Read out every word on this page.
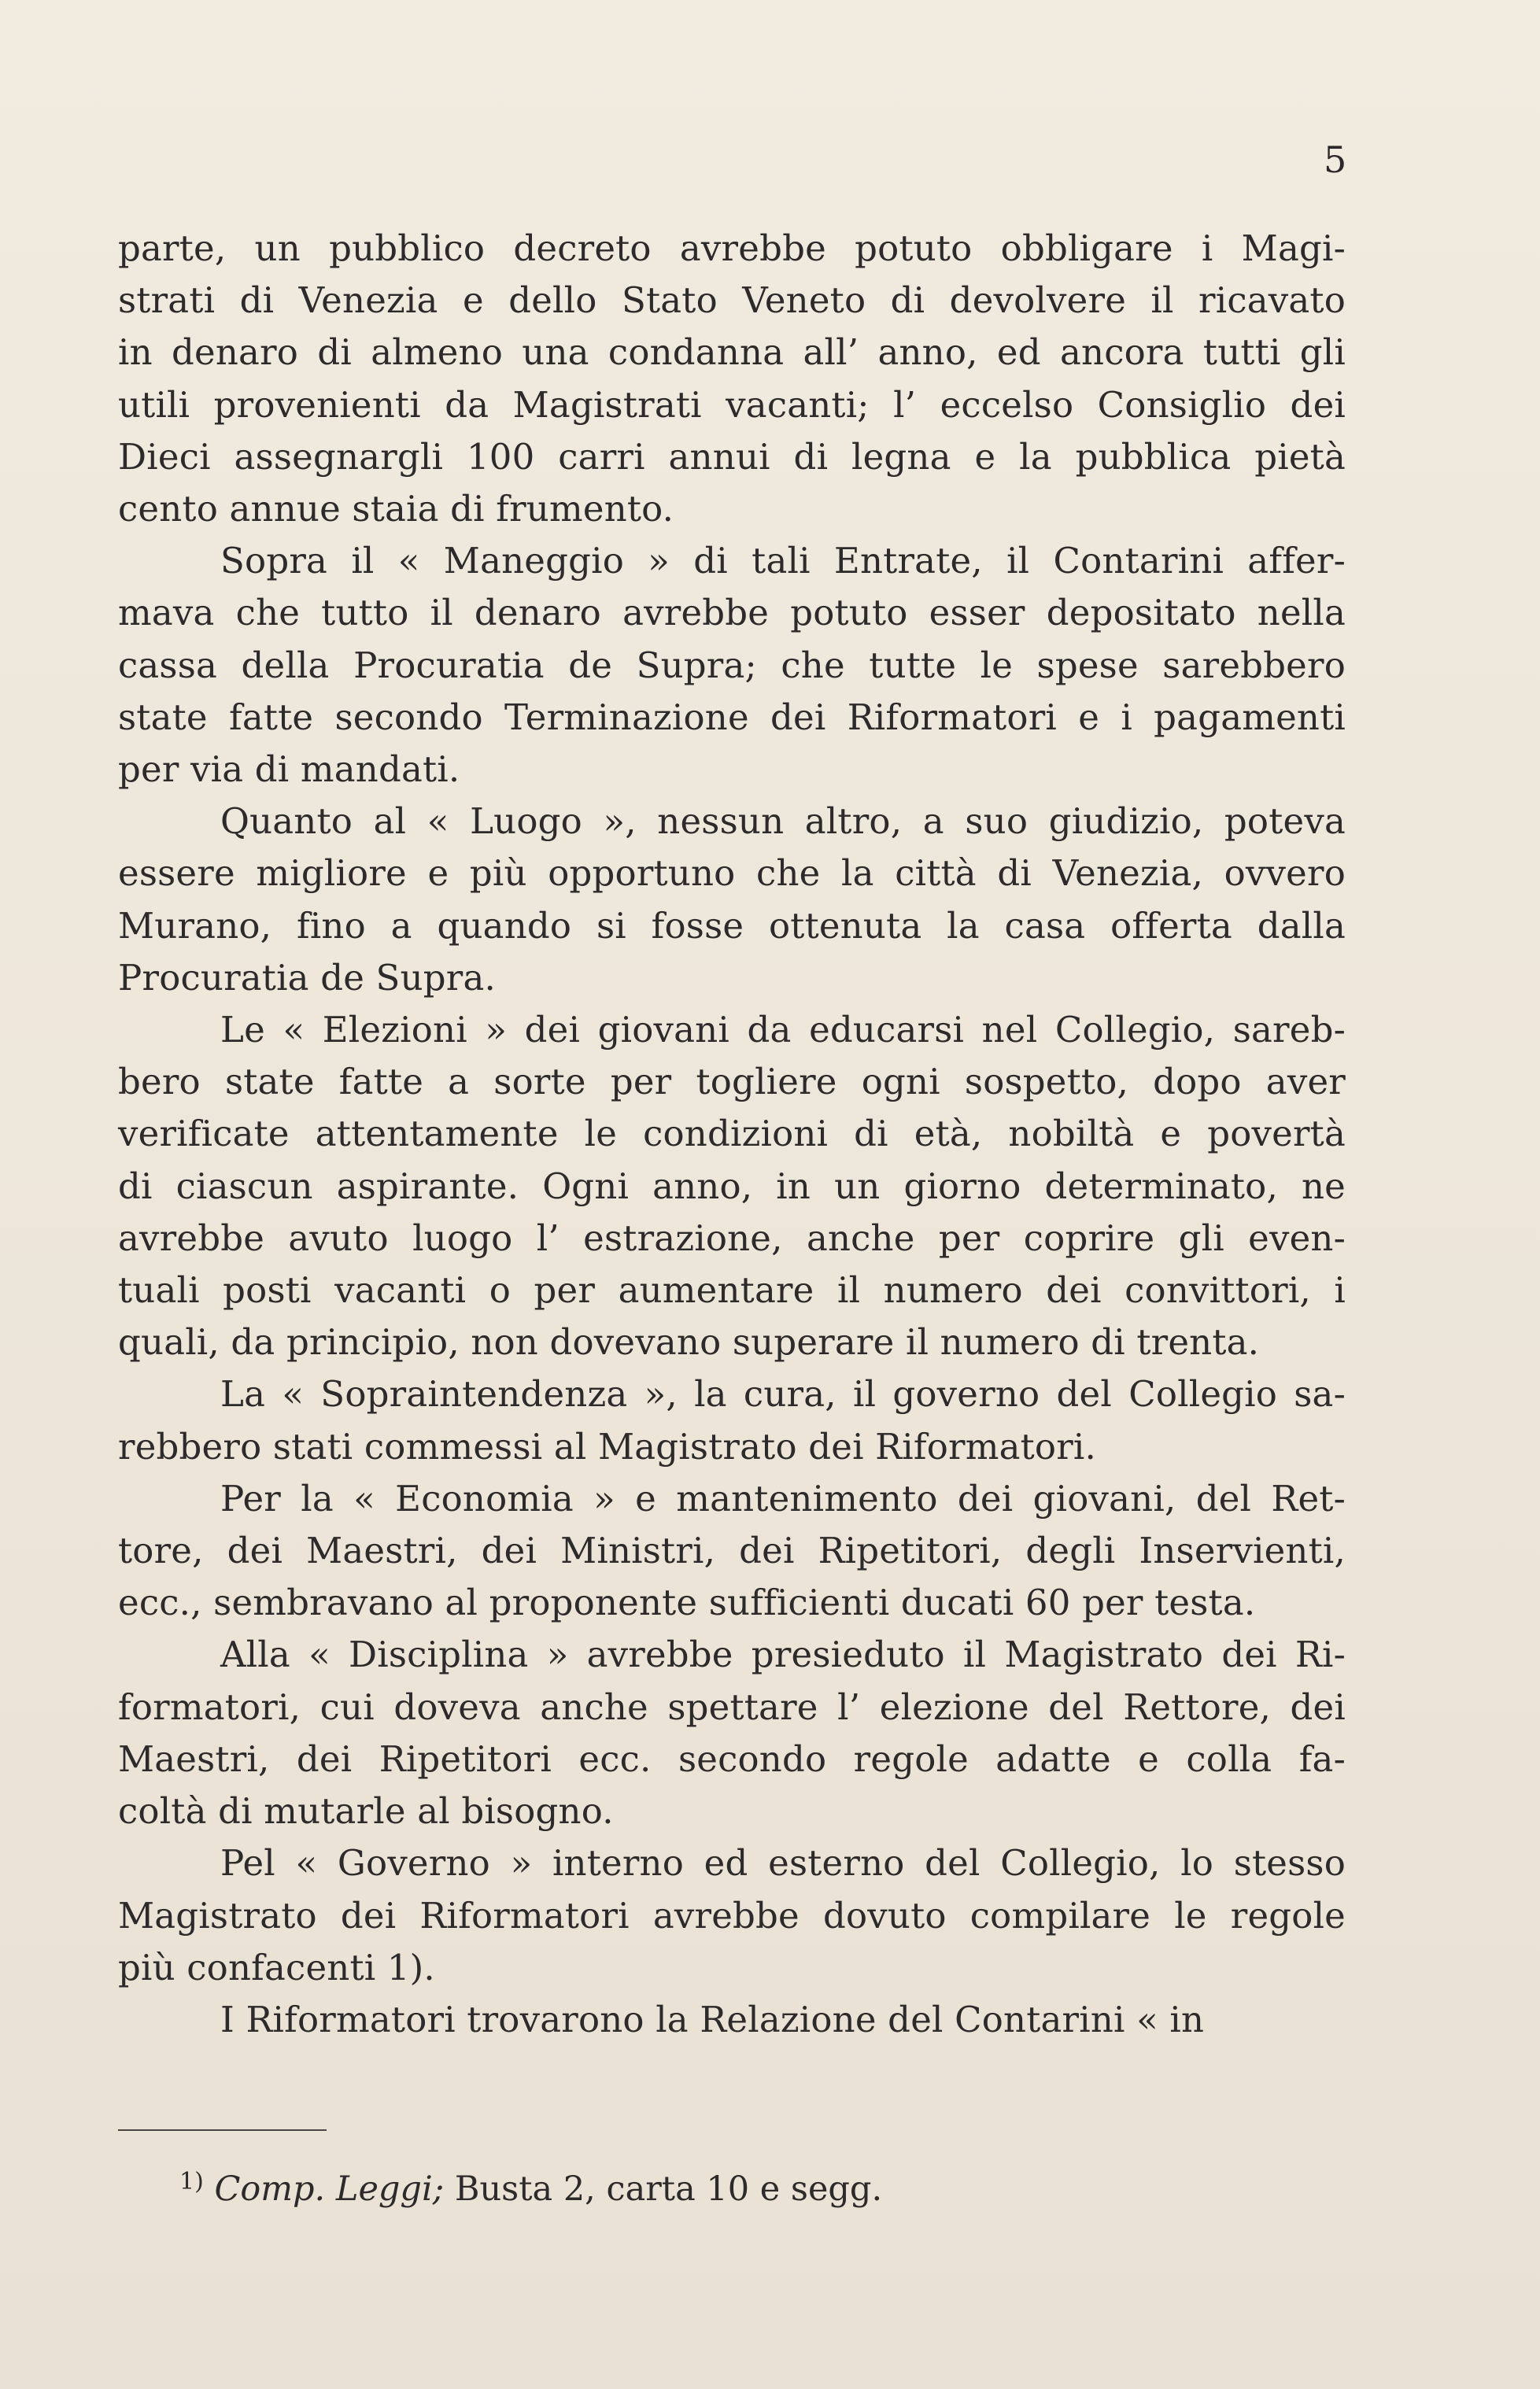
5
parte, un pubblico decreto avrebbe potuto obbligare i Magi-
strati di Venezia e dello Stato Veneto di devolvere il ricavato
in denaro di almeno una condanna all’ anno, ed ancora tutti gli
utili provenienti da Magistrati vacanti; l’ eccelso Consiglio dei
Dieci assegnargli 100 carri annui di legna e la pubblica pietà
cento annue staia di frumento.
Sopra il « Maneggio » di tali Entrate, il Contarini affer-
mava che tutto il denaro avrebbe potuto esser depositato nella
cassa della Procuratia de Supra; che tutte le spese sarebbero
state fatte secondo Terminazione dei Riformatori e i pagamenti
per via di mandati.
Quanto al « Luogo », nessun altro, a suo giudizio, poteva
essere migliore e più opportuno che la città di Venezia, ovvero
Murano, fino a quando si fosse ottenuta la casa offerta dalla
Procuratia de Supra.
Le « Elezioni » dei giovani da educarsi nel Collegio, sareb-
bero state fatte a sorte per togliere ogni sospetto, dopo aver
verificate attentamente le condizioni di età, nobiltà e povertà
di ciascun aspirante. Ogni anno, in un giorno determinato, ne
avrebbe avuto luogo l’ estrazione, anche per coprire gli even-
tuali posti vacanti o per aumentare il numero dei convittori, i
quali, da principio, non dovevano superare il numero di trenta.
La « Sopraintendenza », la cura, il governo del Collegio sa-
rebbero stati commessi al Magistrato dei Riformatori.
Per la « Economia » e mantenimento dei giovani, del Ret-
tore, dei Maestri, dei Ministri, dei Ripetitori, degli Inservienti,
ecc., sembravano al proponente sufficienti ducati 60 per testa.
Alla « Disciplina » avrebbe presieduto il Magistrato dei Ri-
formatori, cui doveva anche spettare l’ elezione del Rettore, dei
Maestri, dei Ripetitori ecc. secondo regole adatte e colla fa-
coltà di mutarle al bisogno.
Pel « Governo » interno ed esterno del Collegio, lo stesso
Magistrato dei Riformatori avrebbe dovuto compilare le regole
più confacenti 1).
I Riformatori trovarono la Relazione del Contarini « in
$^{1)}$ Comp. Leggi; Busta 2, carta 10 e segg.
